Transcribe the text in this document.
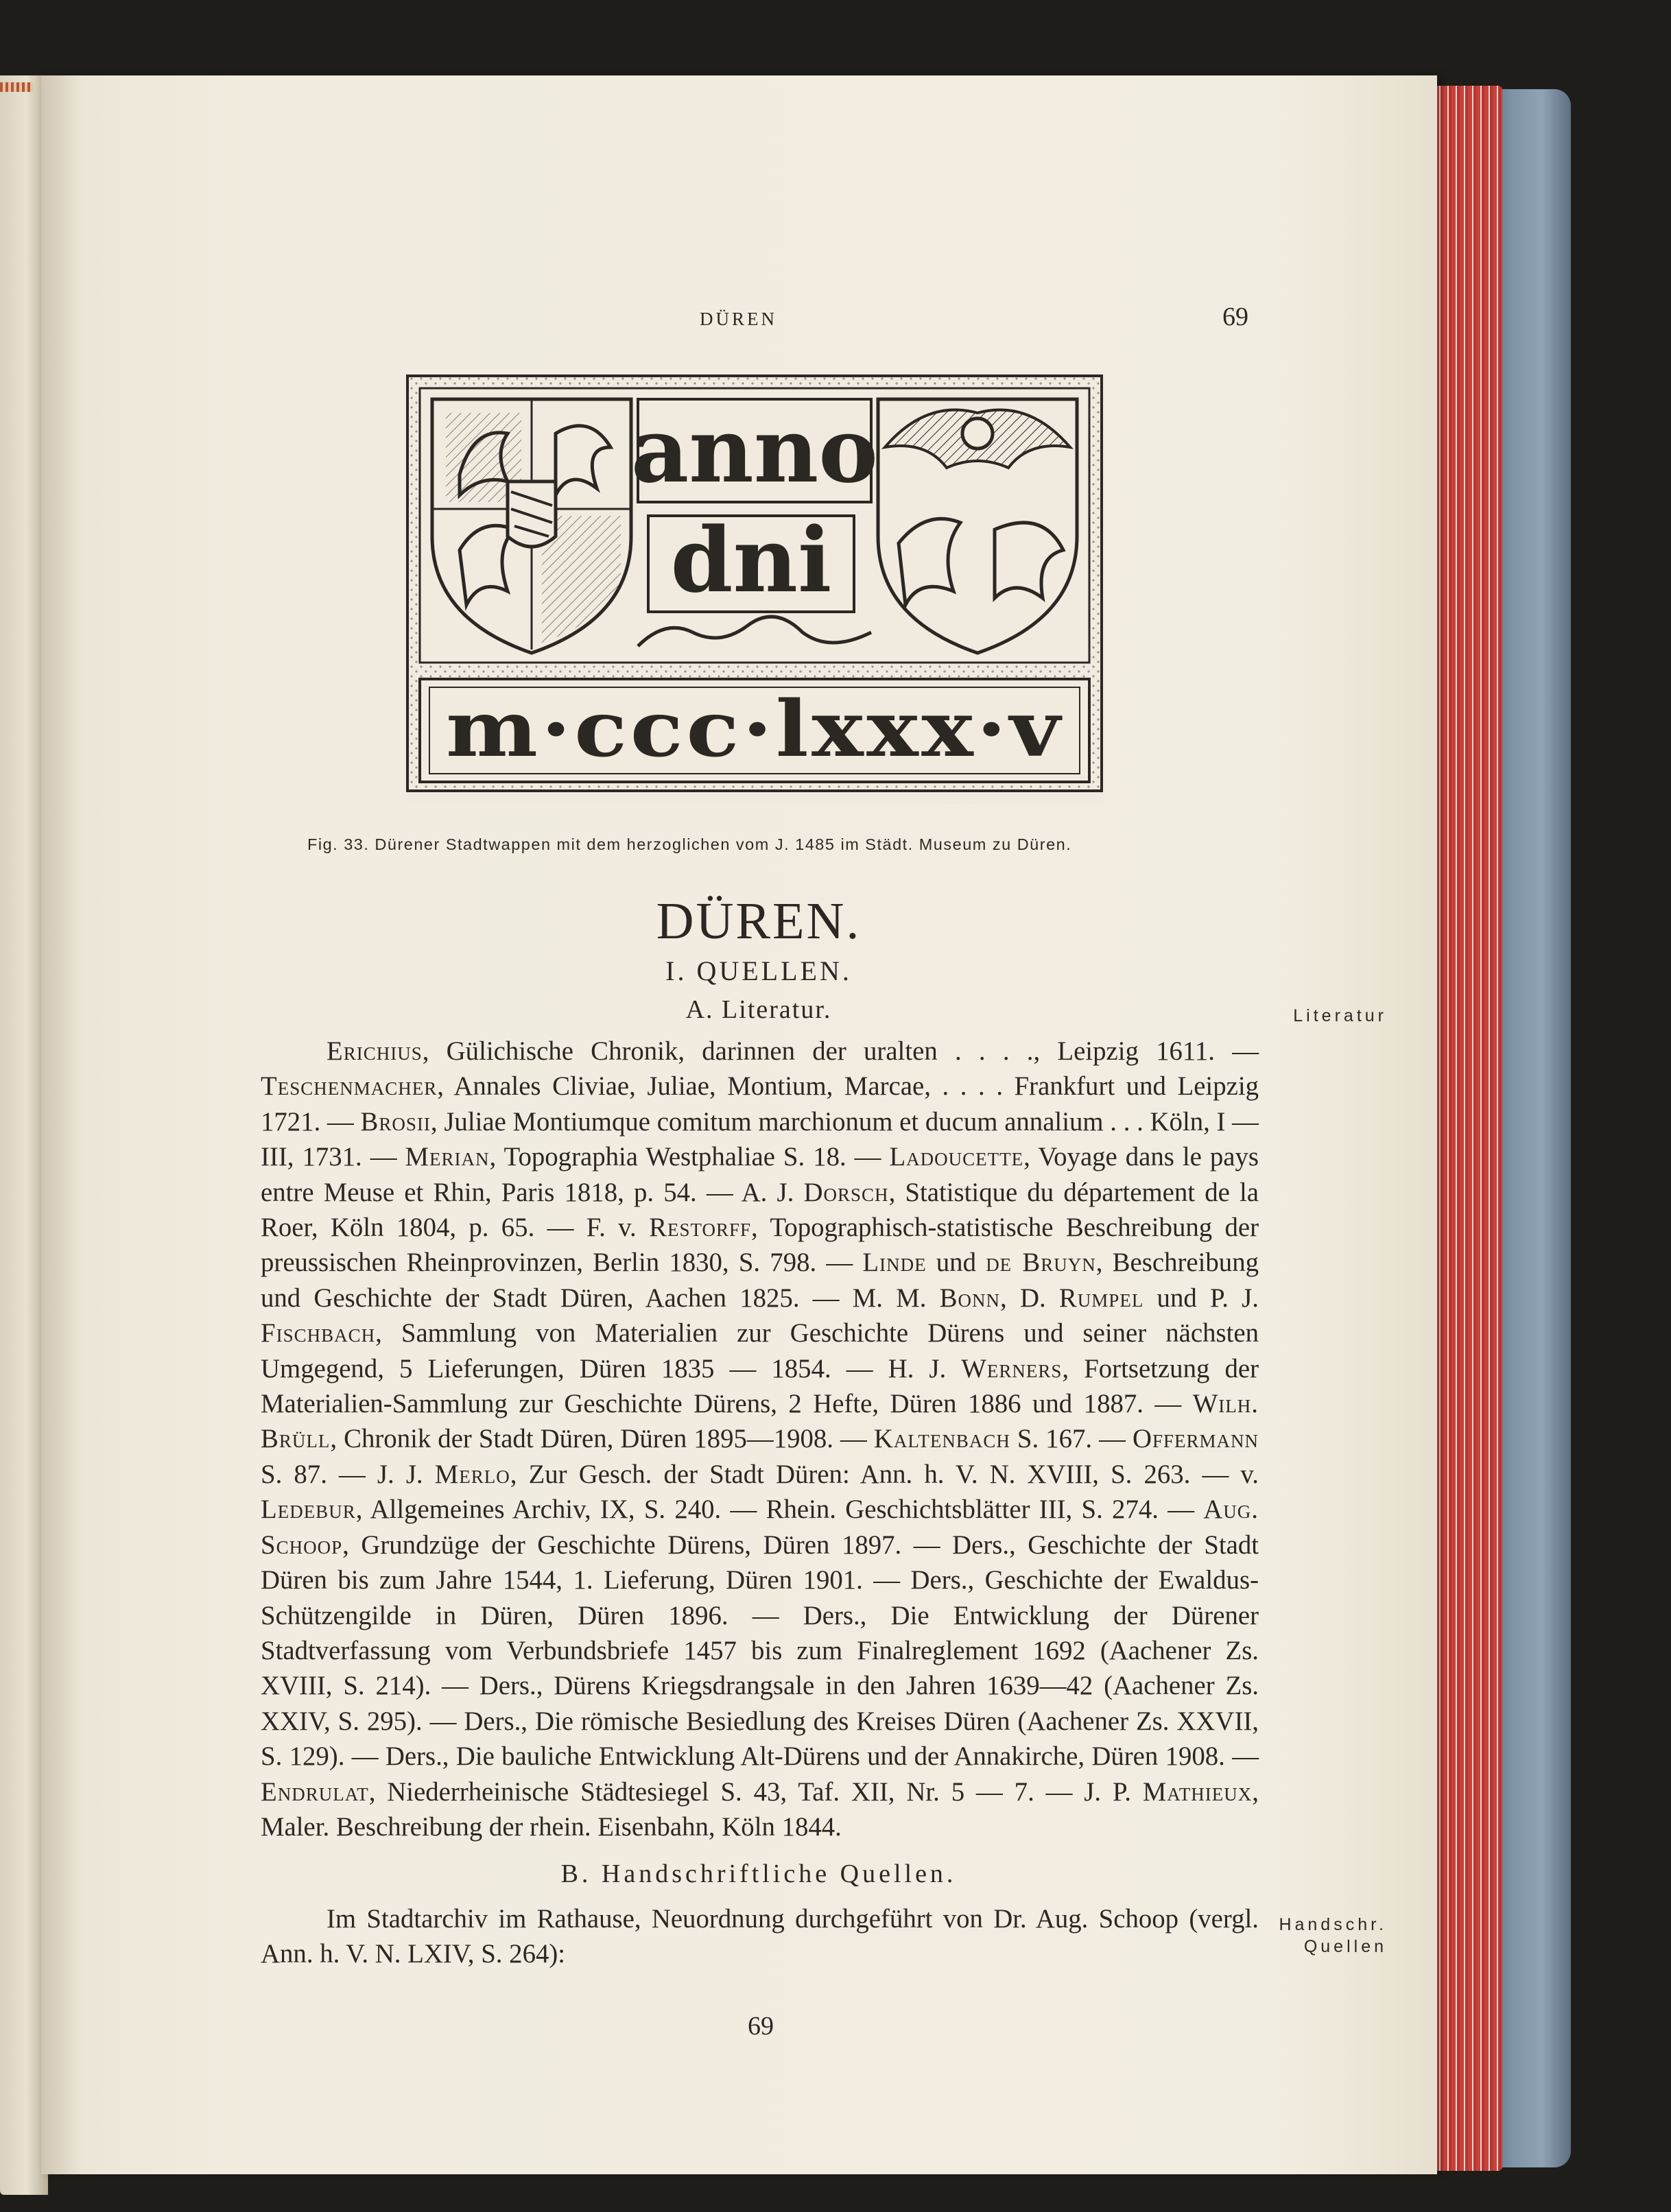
DÜREN	69
anno
dni
m·ccc·lxxx·v
Fig. 33. Dürener Stadtwappen mit dem herzoglichen vom J. 1485 im Städt. Museum zu Düren.
DÜREN.
I. QUELLEN.
A. Literatur.	Literatur

Erichius, Gülichische Chronik, darinnen der uralten . . . ., Leipzig 1611. — Teschenmacher, Annales Cliviae, Juliae, Montium, Marcae, . . . . Frankfurt und Leipzig 1721. — Brosii, Juliae Montiumque comitum marchionum et ducum annalium . . . Köln, I — III, 1731. — Merian, Topographia Westphaliae S. 18. — Ladoucette, Voyage dans le pays entre Meuse et Rhin, Paris 1818, p. 54. — A. J. Dorsch, Statistique du département de la Roer, Köln 1804, p. 65. — F. v. Restorff, Topographisch-statistische Beschreibung der preussischen Rheinprovinzen, Berlin 1830, S. 798. — Linde und de Bruyn, Beschreibung und Geschichte der Stadt Düren, Aachen 1825. — M. M. Bonn, D. Rumpel und P. J. Fischbach, Sammlung von Materialien zur Geschichte Dürens und seiner nächsten Umgegend, 5 Lieferungen, Düren 1835 — 1854. — H. J. Werners, Fortsetzung der Materialien-Sammlung zur Geschichte Dürens, 2 Hefte, Düren 1886 und 1887. — Wilh. Brüll, Chronik der Stadt Düren, Düren 1895—1908. — Kaltenbach S. 167. — Offermann S. 87. — J. J. Merlo, Zur Gesch. der Stadt Düren: Ann. h. V. N. XVIII, S. 263. — v. Ledebur, Allgemeines Archiv, IX, S. 240. — Rhein. Geschichtsblätter III, S. 274. — Aug. Schoop, Grundzüge der Geschichte Dürens, Düren 1897. — Ders., Geschichte der Stadt Düren bis zum Jahre 1544, 1. Lieferung, Düren 1901. — Ders., Geschichte der Ewaldus-Schützengilde in Düren, Düren 1896. — Ders., Die Entwicklung der Dürener Stadtverfassung vom Verbundsbriefe 1457 bis zum Finalreglement 1692 (Aachener Zs. XVIII, S. 214). — Ders., Dürens Kriegsdrangsale in den Jahren 1639—42 (Aachener Zs. XXIV, S. 295). — Ders., Die römische Besiedlung des Kreises Düren (Aachener Zs. XXVII, S. 129). — Ders., Die bauliche Entwicklung Alt-Dürens und der Annakirche, Düren 1908. — Endrulat, Niederrheinische Städtesiegel S. 43, Taf. XII, Nr. 5 — 7. — J. P. Mathieux, Maler. Beschreibung der rhein. Eisenbahn, Köln 1844.

B. Handschriftliche Quellen.
Handschr.
Quellen

Im Stadtarchiv im Rathause, Neuordnung durchgeführt von Dr. Aug. Schoop (vergl. Ann. h. V. N. LXIV, S. 264):

69
